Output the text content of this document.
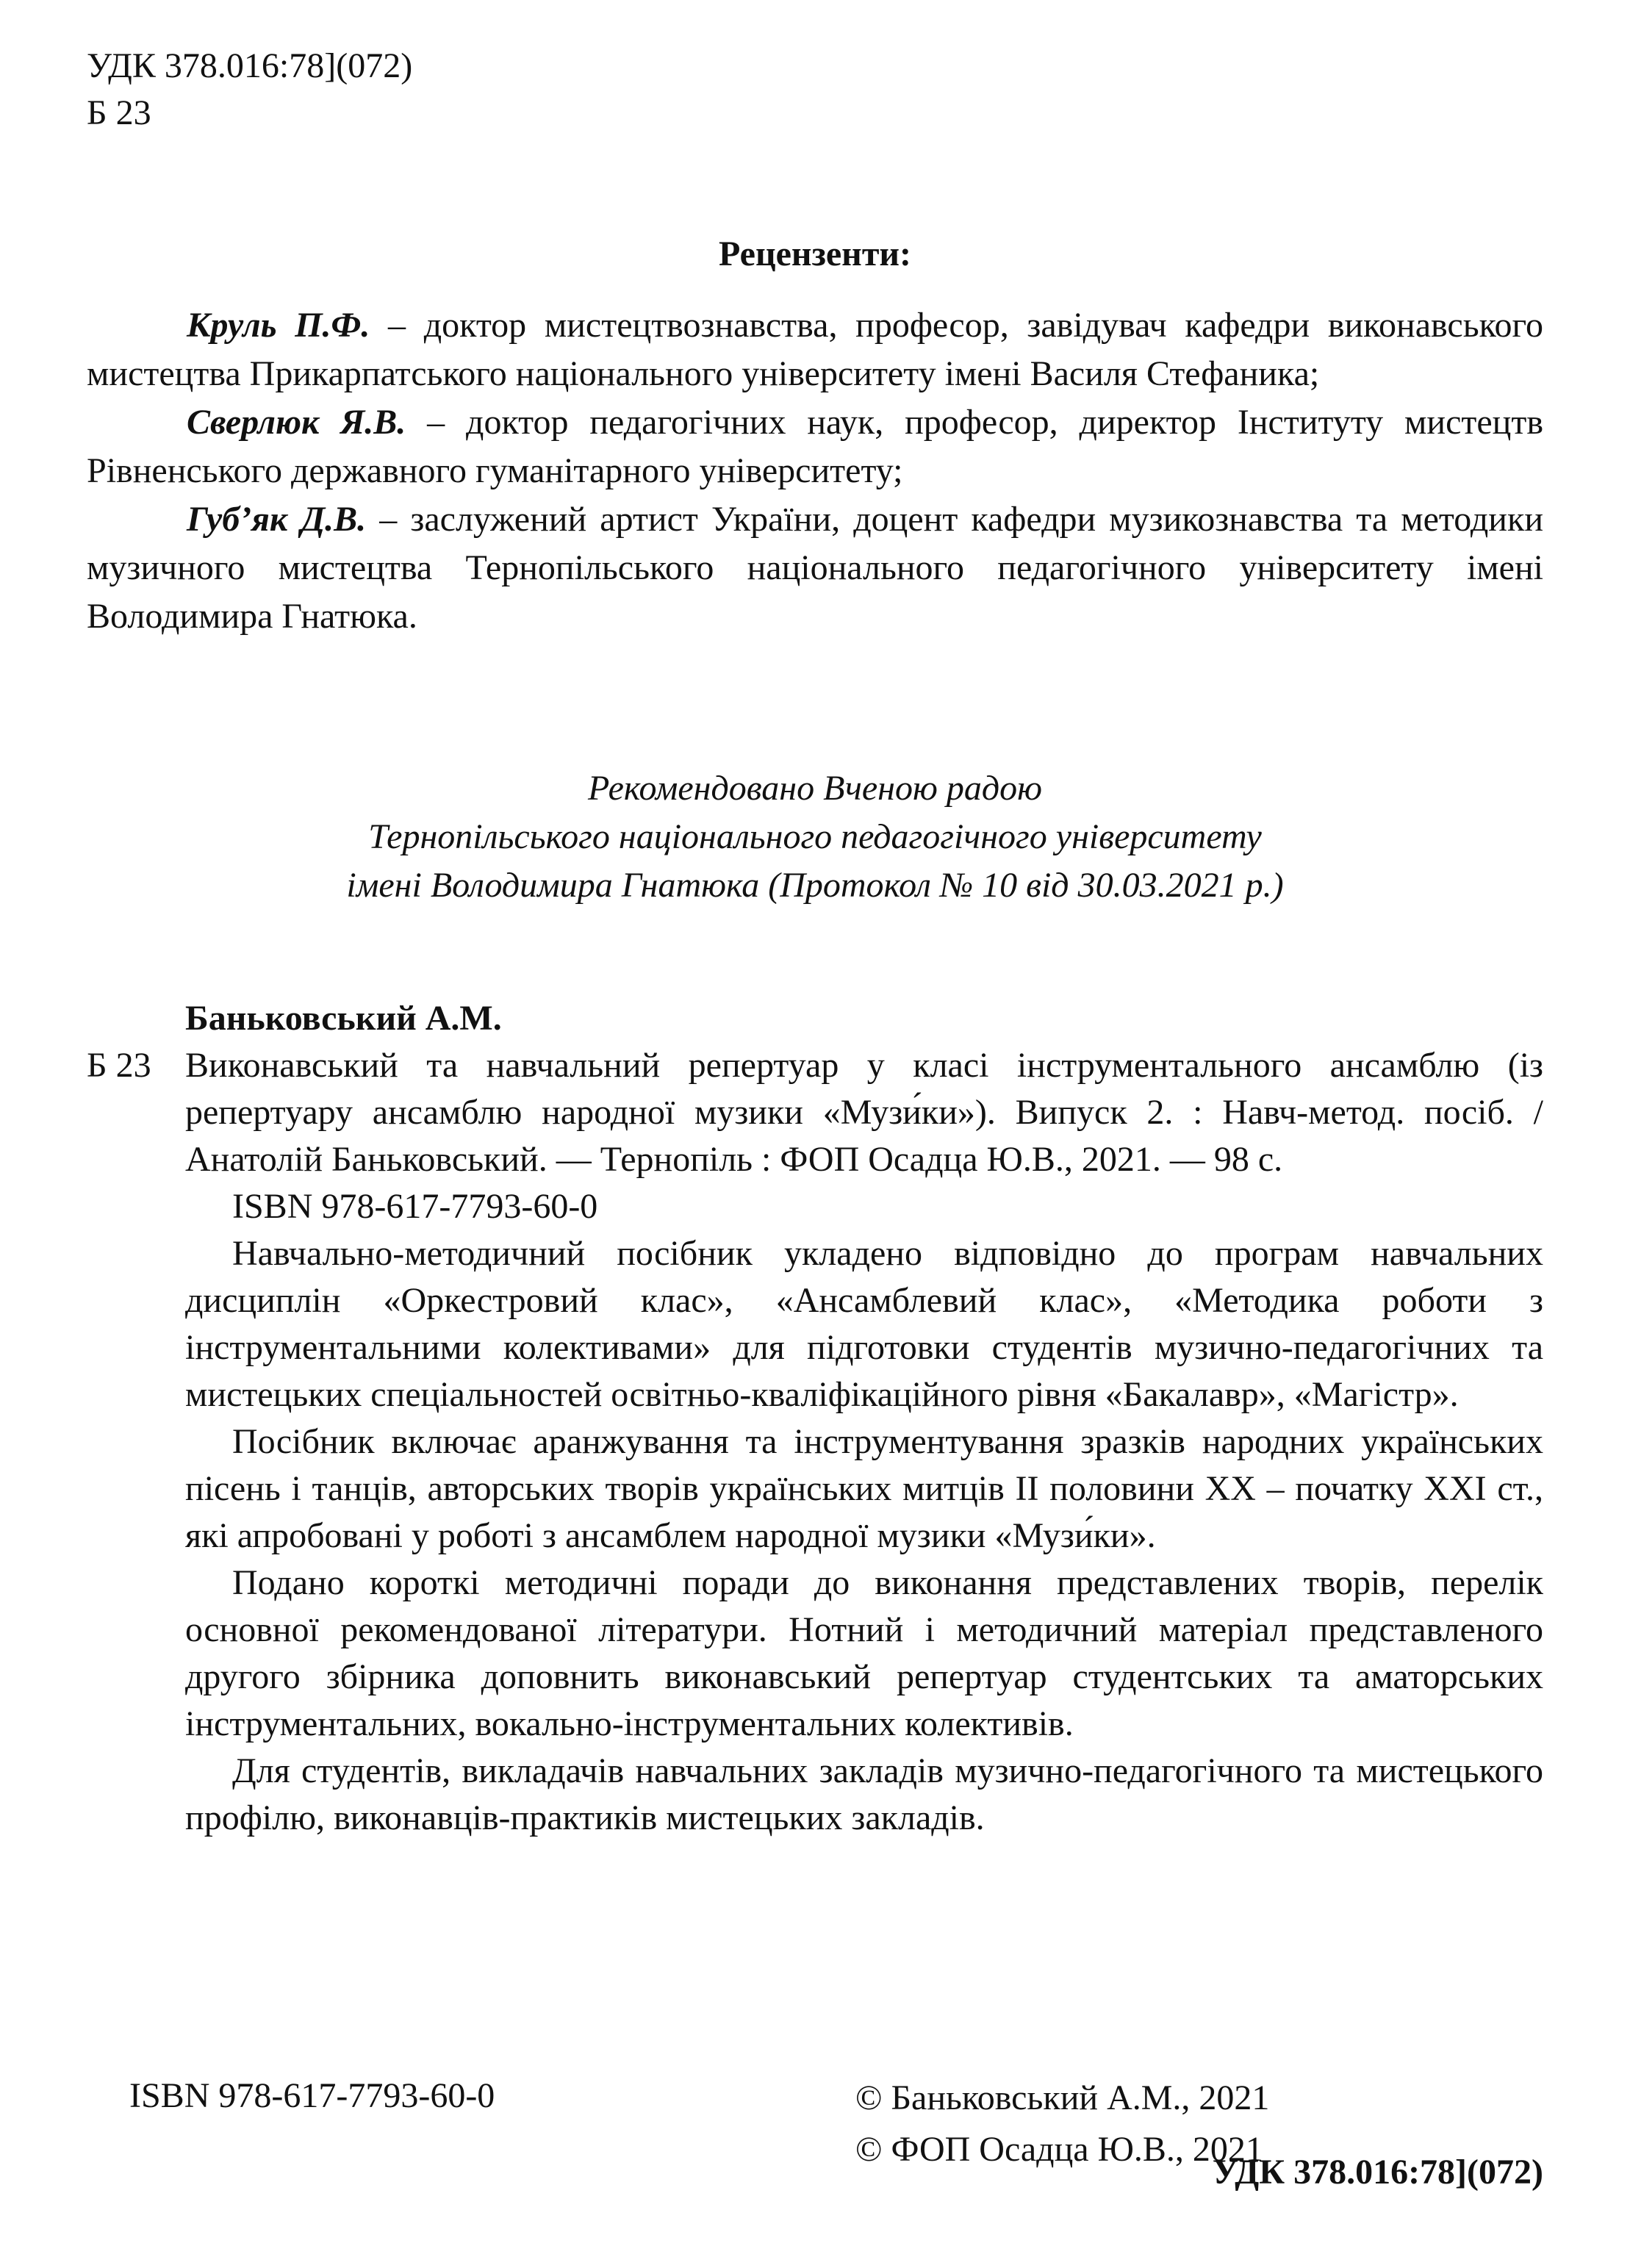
УДК 378.016:78](072)
Б 23
Рецензенти:

Круль П.Ф. – доктор мистецтвознавства, професор, завідувач кафедри виконавського мистецтва Прикарпатського національного університету імені Василя Стефаника;

Сверлюк Я.В. – доктор педагогічних наук, професор, директор Інституту мистецтв Рівненського державного гуманітарного університету;

Губ’як Д.В. – заслужений артист України, доцент кафедри музикознавства та методики музичного мистецтва Тернопільського національного педагогічного університету імені Володимира Гнатюка.

Рекомендовано Вченою радою
Тернопільського національного педагогічного університету
імені Володимира Гнатюка (Протокол № 10 від 30.03.2021 р.)
Баньковський А.М.
Б 23 Виконавський та навчальний репертуар у класі інструментального ансамблю (із репертуару ансамблю народної музики «Музи́ки»). Випуск 2. : Навч-метод. посіб. / Анатолій Баньковський. — Тернопіль : ФОП Осадца Ю.В., 2021. — 98 с.

ISBN 978-617-7793-60-0

Навчально-методичний посібник укладено відповідно до програм навчальних дисциплін «Оркестровий клас», «Ансамблевий клас», «Методика роботи з інструментальними колективами» для підготовки студентів музично-педагогічних та мистецьких спеціальностей освітньо-кваліфікаційного рівня «Бакалавр», «Магістр».

Посібник включає аранжування та інструментування зразків народних українських пісень і танців, авторських творів українських митців ІІ половини ХХ – початку ХХІ ст., які апробовані у роботі з ансамблем народної музики «Музи́ки».

Подано короткі методичні поради до виконання представлених творів, перелік основної рекомендованої літератури. Нотний і методичний матеріал представленого другого збірника доповнить виконавський репертуар студентських та аматорських інструментальних, вокально-інструментальних колективів.

Для студентів, викладачів навчальних закладів музично-педагогічного та мистецького профілю, виконавців-практиків мистецьких закладів.

УДК 378.016:78](072)
ISBN 978-617-7793-60-0	© Баньковський А.М., 2021
© ФОП Осадца Ю.В., 2021
